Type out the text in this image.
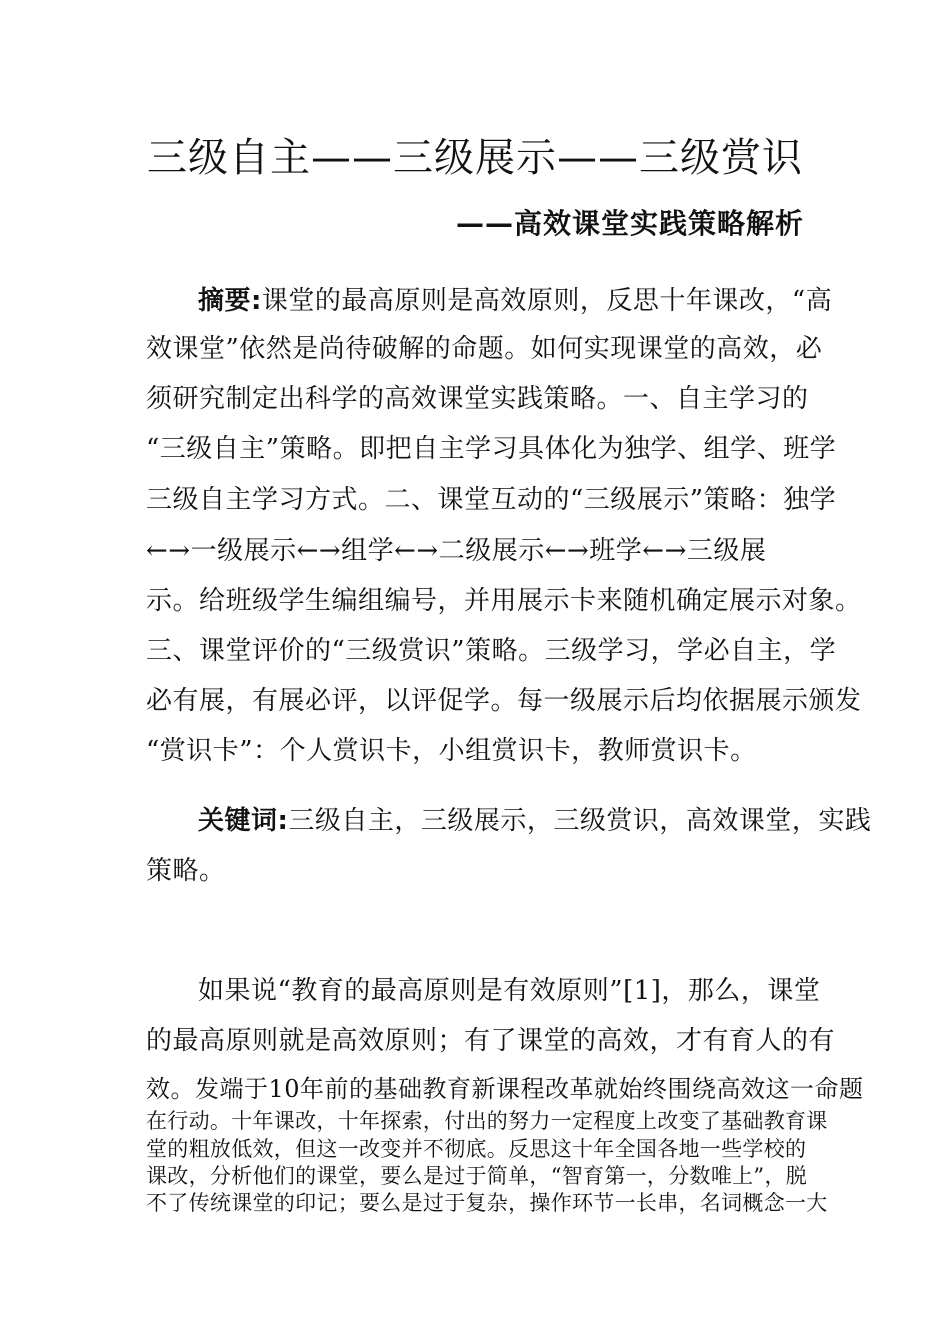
三级自主——三级展示——三级赏识
——高效课堂实践策略解析
摘要:课堂的最高原则是高效原则，反思十年课改，“高
效课堂”依然是尚待破解的命题。如何实现课堂的高效，必
须研究制定出科学的高效课堂实践策略。一、自主学习的
“三级自主”策略。即把自主学习具体化为独学、组学、班学
三级自主学习方式。二、课堂互动的“三级展示”策略：独学
←→一级展示←→组学←→二级展示←→班学←→三级展
示。给班级学生编组编号，并用展示卡来随机确定展示对象。
三、课堂评价的“三级赏识”策略。三级学习，学必自主，学
必有展，有展必评，以评促学。每一级展示后均依据展示颁发
“赏识卡”：个人赏识卡，小组赏识卡，教师赏识卡。
关键词:三级自主，三级展示，三级赏识，高效课堂，实践
策略。
如果说“教育的最高原则是有效原则”[1]，那么，课堂
的最高原则就是高效原则；有了课堂的高效，才有育人的有
效。发端于10年前的基础教育新课程改革就始终围绕高效这一命题
在行动。十年课改，十年探索，付出的努力一定程度上改变了基础教育课
堂的粗放低效，但这一改变并不彻底。反思这十年全国各地一些学校的
课改，分析他们的课堂，要么是过于简单，“智育第一，分数唯上”，脱
不了传统课堂的印记；要么是过于复杂，操作环节一长串，名词概念一大
